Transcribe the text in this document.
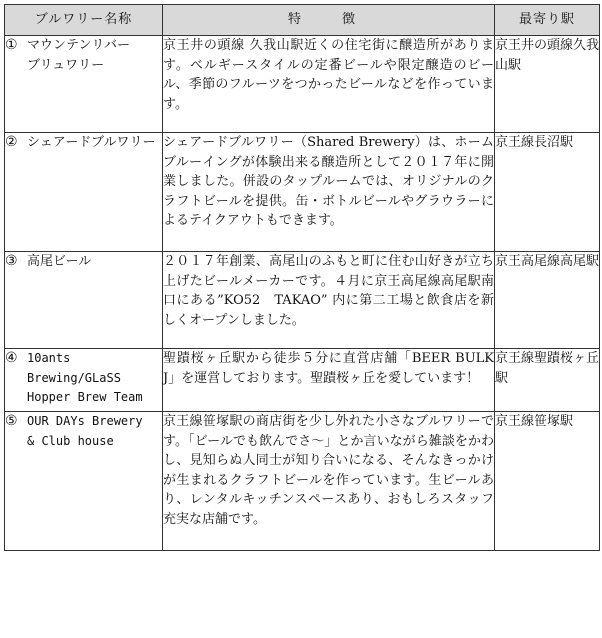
ブルワリー名称	特　徴	最寄り駅

① マウンテンリバー
ブリュワリー	京王井の頭線 久我山駅近くの住宅街に醸造所があります。ベルギースタイルの定番ビールや限定醸造のビール、季節のフルーツをつかったビールなどを作っています。	京王井の頭線久我山駅

② シェアードブルワリー	シェアードブルワリー（Shared Brewery）は、ホームブルーイングが体験出来る醸造所として２０１７年に開業しました。併設のタップルームでは、オリジナルのクラフトビールを提供。缶・ボトルビールやグラウラーによるテイクアウトもできます。	京王線長沼駅

③ 高尾ビール	２０１７年創業、高尾山のふもと町に住む山好きが立ち上げたビールメーカーです。４月に京王高尾線高尾駅南口にある”KO52　TAKAO” 内に第二工場と飲食店を新しくオープンしました。	京王高尾線高尾駅

④ 10ants
Brewing/GLaSS
Hopper Brew Team	聖蹟桜ヶ丘駅から徒歩５分に直営店舗「BEER BULK J」を運営しております。聖蹟桜ヶ丘を愛しています！	京王線聖蹟桜ヶ丘駅

⑤ OUR DAYs Brewery
& Club house	京王線笹塚駅の商店街を少し外れた小さなブルワリーです。「ビールでも飲んでさ～」とか言いながら雑談をかわし、見知らぬ人同士が知り合いになる、そんなきっかけが生まれるクラフトビールを作っています。生ビールあり、レンタルキッチンスペースあり、おもしろスタッフ充実な店舗です。	京王線笹塚駅
